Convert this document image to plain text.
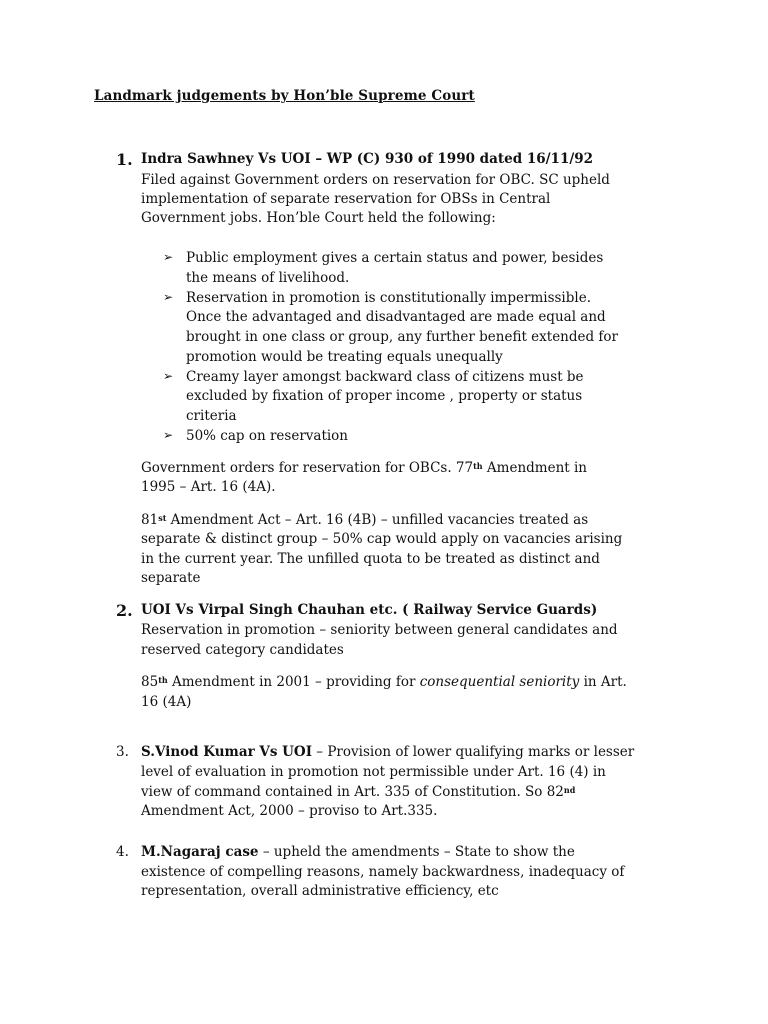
Landmark judgements by Hon’ble Supreme Court
1. Indra Sawhney Vs UOI – WP (C) 930 of 1990 dated 16/11/92
Filed against Government orders on reservation for OBC. SC upheld
implementation of separate reservation for OBSs in Central
Government jobs. Hon’ble Court held the following:
➢ Public employment gives a certain status and power, besides
the means of livelihood.
➢ Reservation in promotion is constitutionally impermissible.
Once the advantaged and disadvantaged are made equal and
brought in one class or group, any further benefit extended for
promotion would be treating equals unequally
➢ Creamy layer amongst backward class of citizens must be
excluded by fixation of proper income , property or status
criteria
➢ 50% cap on reservation
Government orders for reservation for OBCs. 77th Amendment in
1995 – Art. 16 (4A).
81st Amendment Act – Art. 16 (4B) – unfilled vacancies treated as
separate & distinct group – 50% cap would apply on vacancies arising
in the current year. The unfilled quota to be treated as distinct and
separate
2. UOI Vs Virpal Singh Chauhan etc. ( Railway Service Guards)
Reservation in promotion – seniority between general candidates and
reserved category candidates
85th Amendment in 2001 – providing for consequential seniority in Art.
16 (4A)
3. S.Vinod Kumar Vs UOI – Provision of lower qualifying marks or lesser
level of evaluation in promotion not permissible under Art. 16 (4) in
view of command contained in Art. 335 of Constitution. So 82nd
Amendment Act, 2000 – proviso to Art.335.
4. M.Nagaraj case – upheld the amendments – State to show the
existence of compelling reasons, namely backwardness, inadequacy of
representation, overall administrative efficiency, etc
